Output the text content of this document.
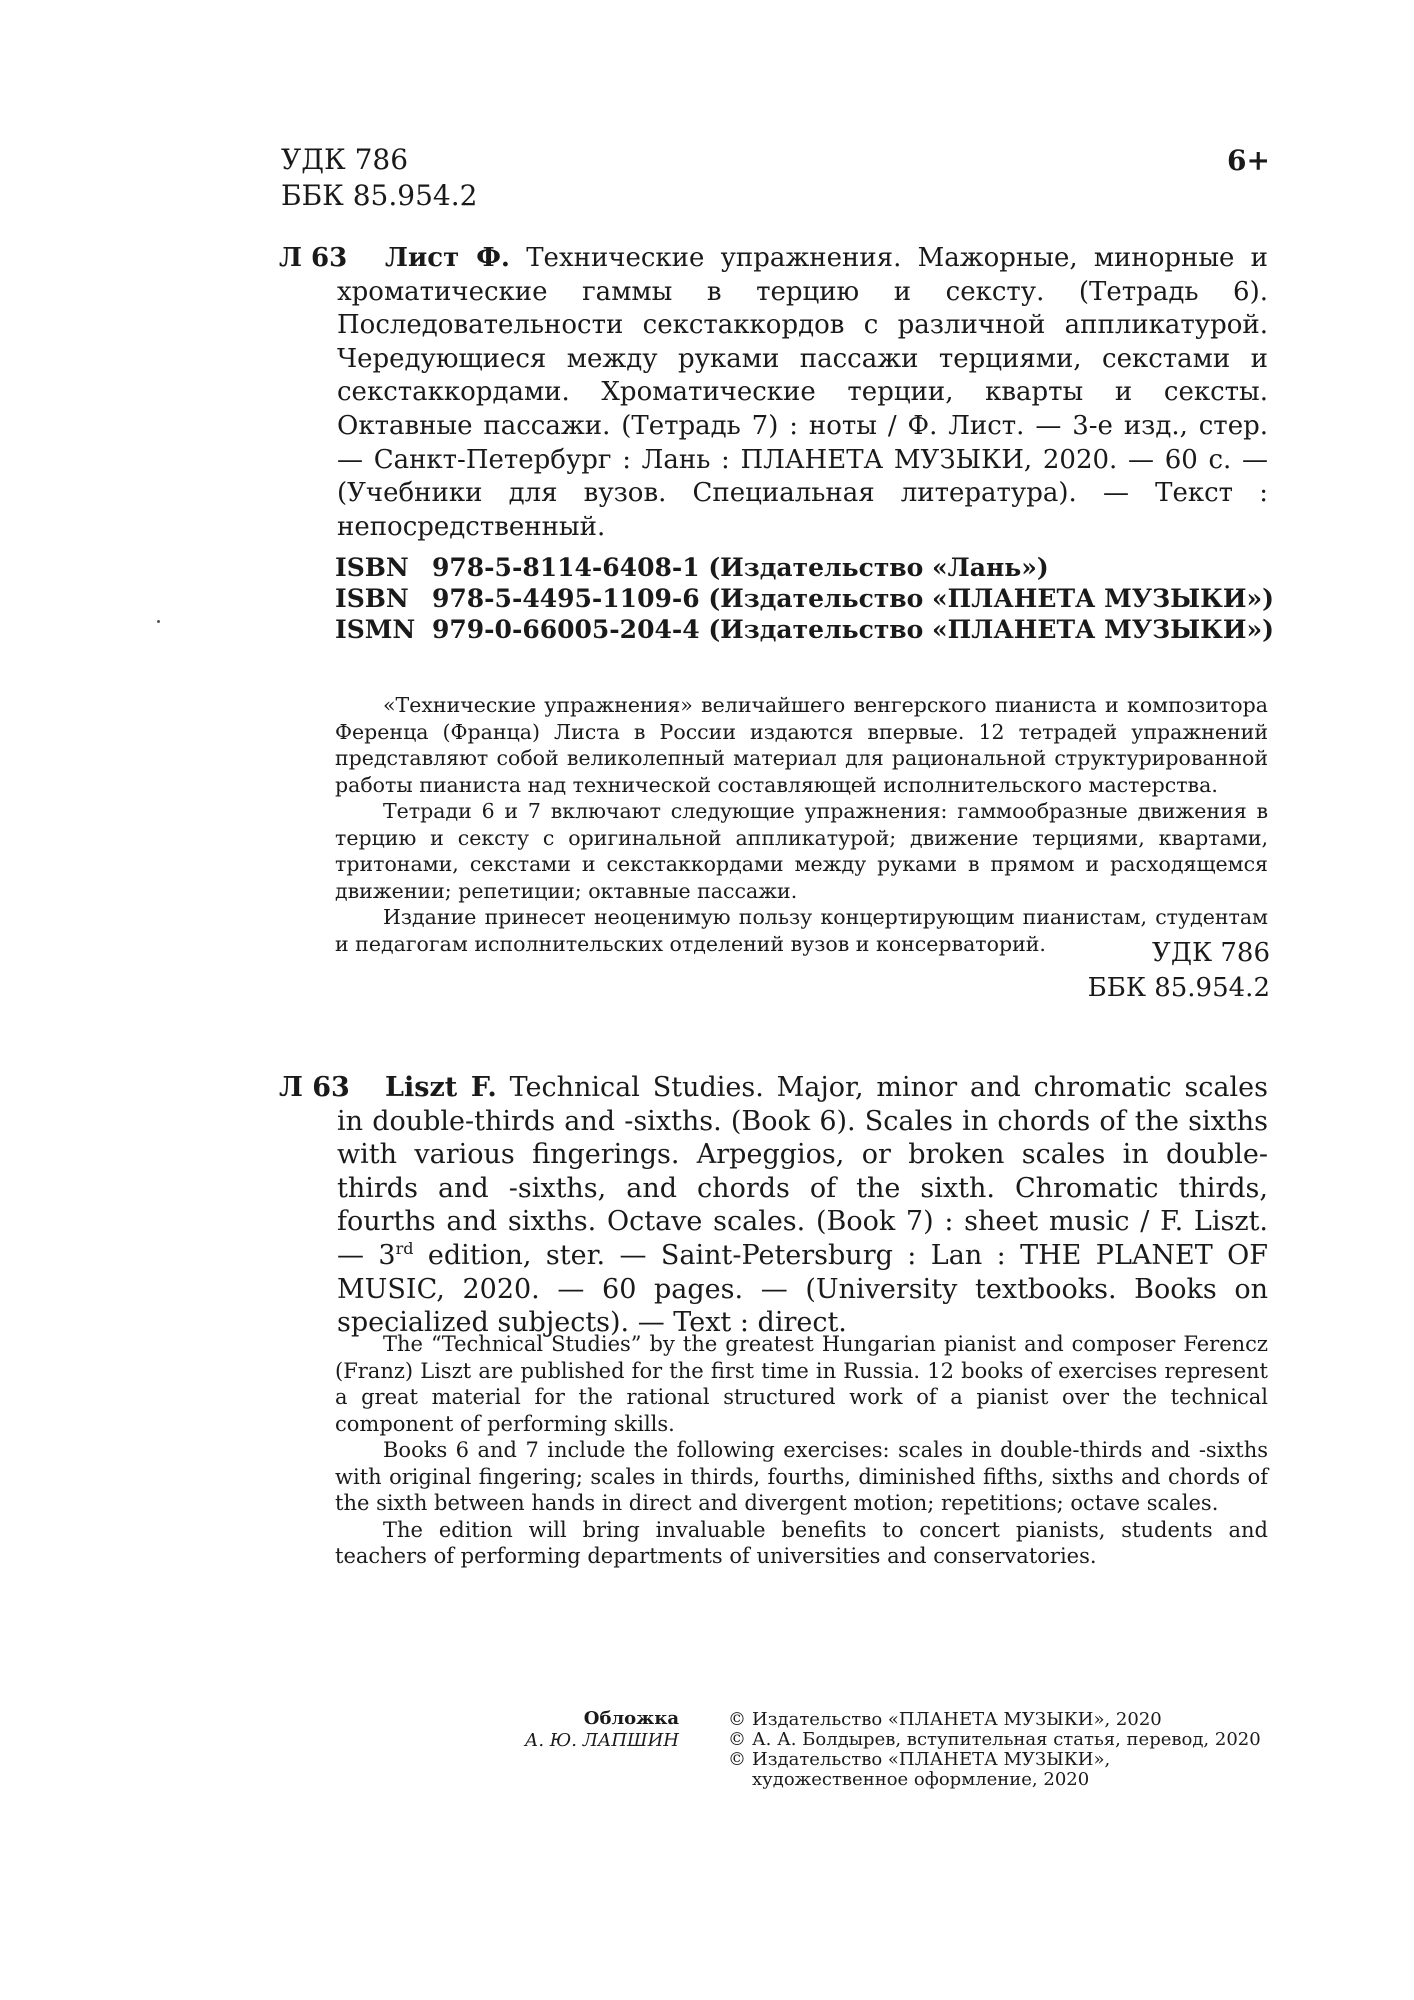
УДК 786
ББК 85.954.2
6+
Л 63	Лист Ф. Технические упражнения. Мажорные, минорные и хроматические гаммы в терцию и сексту. (Тетрадь 6). Последовательности секстаккордов с различной аппликатурой. Чередующиеся между руками пассажи терциями, секстами и секстаккордами. Хроматические терции, кварты и сексты. Октавные пассажи. (Тетрадь 7) : ноты / Ф. Лист. — 3-е изд., стер. — Санкт-Петербург : Лань : ПЛАНЕТА МУЗЫКИ, 2020. — 60 с. — (Учебники для вузов. Специальная литература). — Текст : непосредственный.
ISBN 978-5-8114-6408-1 (Издательство «Лань»)
ISBN 978-5-4495-1109-6 (Издательство «ПЛАНЕТА МУЗЫКИ»)
ISMN 979-0-66005-204-4 (Издательство «ПЛАНЕТА МУЗЫКИ»)

«Технические упражнения» величайшего венгерского пианиста и композитора Ференца (Франца) Листа в России издаются впервые. 12 тетрадей упражнений представляют собой великолепный материал для рациональной структурированной работы пианиста над технической составляющей исполнительского мастерства.

Тетради 6 и 7 включают следующие упражнения: гаммообразные движения в терцию и сексту с оригинальной аппликатурой; движение терциями, квартами, тритонами, секстами и секстаккордами между руками в прямом и расходящемся движении; репетиции; октавные пассажи.

Издание принесет неоценимую пользу концертирующим пианистам, студентам и педагогам исполнительских отделений вузов и консерваторий.	УДК 786
ББК 85.954.2
Л 63	Liszt F. Technical Studies. Major, minor and chromatic scales in double-thirds and -sixths. (Book 6). Scales in chords of the sixths with various fingerings. Arpeggios, or broken scales in double-thirds and -sixths, and chords of the sixth. Chromatic thirds, fourths and sixths. Octave scales. (Book 7) : sheet music / F. Liszt. — 3rd edition, ster. — Saint-Petersburg : Lan : THE PLANET OF MUSIC, 2020. — 60 pages. — (University textbooks. Books on specialized subjects). — Text : direct.

The “Technical Studies” by the greatest Hungarian pianist and composer Ferencz (Franz) Liszt are published for the first time in Russia. 12 books of exercises represent a great material for the rational structured work of a pianist over the technical component of performing skills.

Books 6 and 7 include the following exercises: scales in double-thirds and -sixths with original fingering; scales in thirds, fourths, diminished fifths, sixths and chords of the sixth between hands in direct and divergent motion; repetitions; octave scales.

The edition will bring invaluable benefits to concert pianists, students and teachers of performing departments of universities and conservatories.

Обложка
А. Ю. ЛАПШИН
© Издательство «ПЛАНЕТА МУЗЫКИ», 2020
© А. А. Болдырев, вступительная статья, перевод, 2020
© Издательство «ПЛАНЕТА МУЗЫКИ»,
художественное оформление, 2020
